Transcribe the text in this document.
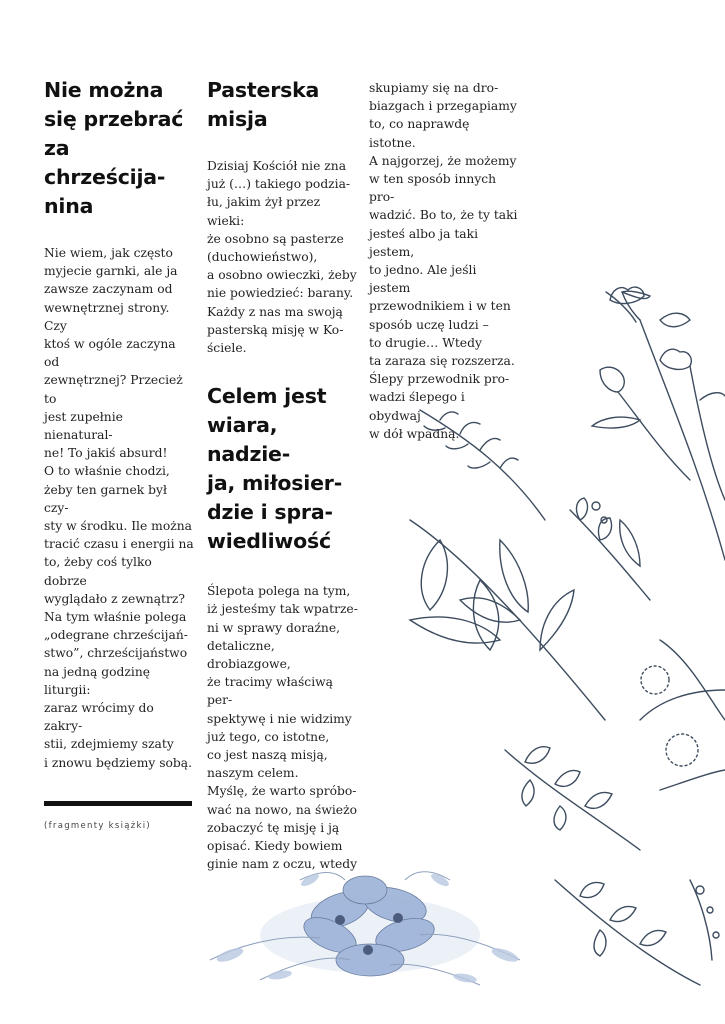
Nie można
się przebrać
za chrześcija-
nina

Nie wiem, jak często
myjecie garnki, ale ja
zawsze zaczynam od
wewnętrznej strony. Czy
ktoś w ogóle zaczyna od
zewnętrznej? Przecież to
jest zupełnie nienatural-
ne! To jakiś absurd!

O to właśnie chodzi,
żeby ten garnek był czy-
sty w środku. Ile można
tracić czasu i energii na
to, żeby coś tylko dobrze
wyglądało z zewnątrz?

Na tym właśnie polega
„odegrane chrześcijań-
stwo”, chrześcijaństwo
na jedną godzinę liturgii:
zaraz wrócimy do zakry-
stii, zdejmiemy szaty
i znowu będziemy sobą.

Pasterska
misja

Dzisiaj Kościół nie zna
już (…) takiego podzia-
łu, jakim żył przez wieki:
że osobno są pasterze
(duchowieństwo),
a osobno owieczki, żeby
nie powiedzieć: barany.
Każdy z nas ma swoją
pasterską misję w Ko-
ściele.

Celem jest
wiara, nadzie-
ja, miłosier-
dzie i spra-
wiedliwość

Ślepota polega na tym,
iż jesteśmy tak wpatrze-
ni w sprawy doraźne,
detaliczne, drobiazgowe,
że tracimy właściwą per-
spektywę i nie widzimy
już tego, co istotne,
co jest naszą misją,
naszym celem.

Myślę, że warto spróbo-
wać na nowo, na świeżo
zobaczyć tę misję i ją
opisać. Kiedy bowiem
ginie nam z oczu, wtedy

skupiamy się na dro-
biazgach i przegapiamy
to, co naprawdę istotne.
A najgorzej, że możemy
w ten sposób innych pro-
wadzić. Bo to, że ty taki
jesteś albo ja taki jestem,
to jedno. Ale jeśli jestem
przewodnikiem i w ten
sposób uczę ludzi –
to drugie… Wtedy
ta zaraza się rozszerza.
Ślepy przewodnik pro-
wadzi ślepego i obydwaj
w dół wpadną.

(fragmenty książki)
